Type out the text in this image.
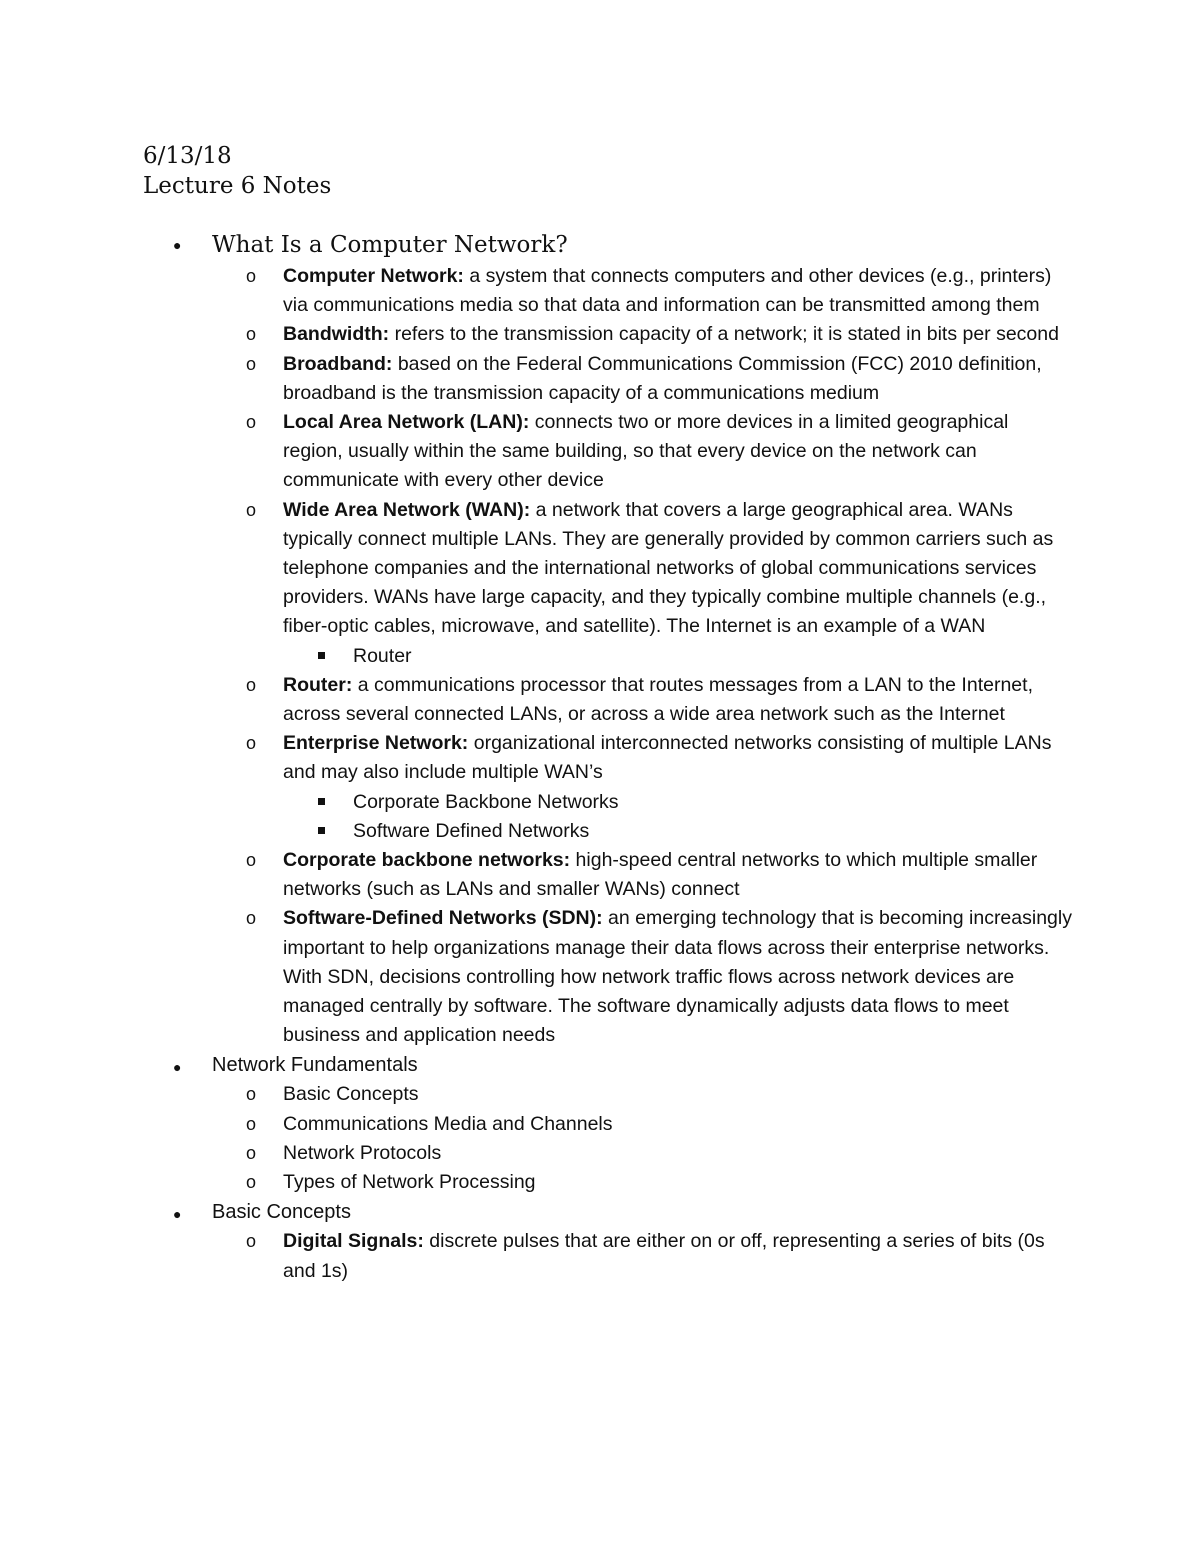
6/13/18
Lecture 6 Notes
● What Is a Computer Network?
o Computer Network: a system that connects computers and other devices (e.g., printers) via communications media so that data and information can be transmitted among them
o Bandwidth: refers to the transmission capacity of a network; it is stated in bits per second
o Broadband: based on the Federal Communications Commission (FCC) 2010 definition, broadband is the transmission capacity of a communications medium
o Local Area Network (LAN): connects two or more devices in a limited geographical region, usually within the same building, so that every device on the network can communicate with every other device
o Wide Area Network (WAN): a network that covers a large geographical area. WANs typically connect multiple LANs. They are generally provided by common carriers such as telephone companies and the international networks of global communications services providers. WANs have large capacity, and they typically combine multiple channels (e.g., fiber-optic cables, microwave, and satellite). The Internet is an example of a WAN
Router
o Router: a communications processor that routes messages from a LAN to the Internet, across several connected LANs, or across a wide area network such as the Internet
o Enterprise Network: organizational interconnected networks consisting of multiple LANs and may also include multiple WAN’s
Corporate Backbone Networks
Software Defined Networks
o Corporate backbone networks: high-speed central networks to which multiple smaller networks (such as LANs and smaller WANs) connect
o Software-Defined Networks (SDN): an emerging technology that is becoming increasingly important to help organizations manage their data flows across their enterprise networks. With SDN, decisions controlling how network traffic flows across network devices are managed centrally by software. The software dynamically adjusts data flows to meet business and application needs
● Network Fundamentals
o Basic Concepts
o Communications Media and Channels
o Network Protocols
o Types of Network Processing
● Basic Concepts
o Digital Signals: discrete pulses that are either on or off, representing a series of bits (0s and 1s)
